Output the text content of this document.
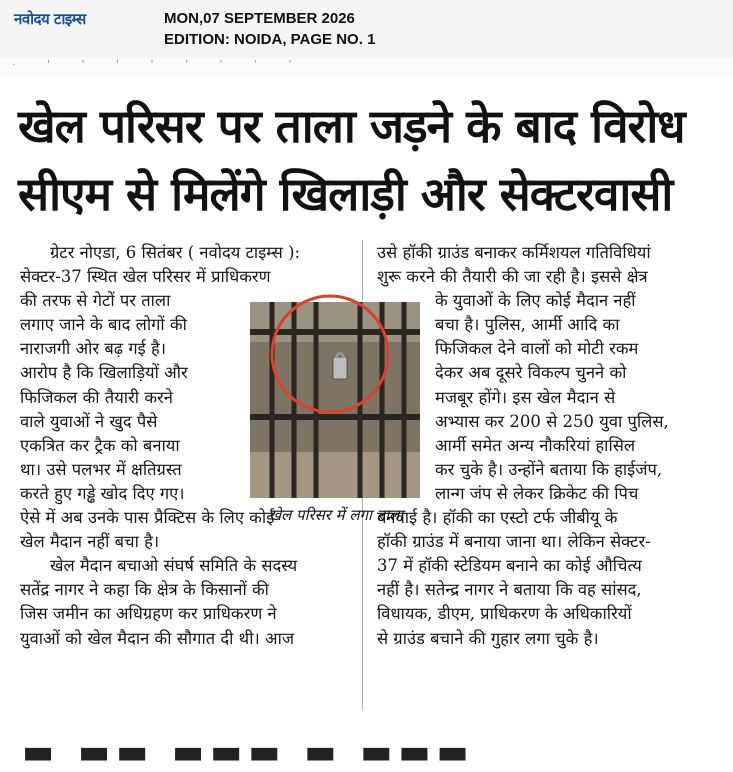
नवोदय टाइम्स	MON,07 SEPTEMBER 2026
EDITION: NOIDA, PAGE NO. 1
· ' ' ' ' ' ' ' '
खेल परिसर पर ताला जड़ने के बाद विरोध
सीएम से मिलेंगे खिलाड़ी और सेक्टरवासी

ग्रेटर नोएडा, 6 सितंबर ( नवोदय टाइम्स ):

सेक्टर-37 स्थित खेल परिसर में प्राधिकरण

की तरफ से गेटों पर ताला

लगाए जाने के बाद लोगों की

नाराजगी ओर बढ़ गई है।

आरोप है कि खिलाड़ियों और

फिजिकल की तैयारी करने

वाले युवाओं ने खुद पैसे

एकत्रित कर ट्रैक को बनाया

था। उसे पलभर में क्षतिग्रस्त

करते हुए गड्ढे खोद दिए गए।

ऐसे में अब उनके पास प्रैक्टिस के लिए कोई

खेल मैदान नहीं बचा है।

खेल मैदान बचाओ संघर्ष समिति के सदस्य

सतेंद्र नागर ने कहा कि क्षेत्र के किसानों की

जिस जमीन का अधिग्रहण कर प्राधिकरण ने

युवाओं को खेल मैदान की सौगात दी थी। आज

खेल परिसर में लगा ताला

उसे हॉकी ग्राउंड बनाकर कर्मिशयल गतिविधियां

शुरू करने की तैयारी की जा रही है। इससे क्षेत्र

के युवाओं के लिए कोई मैदान नहीं

बचा है। पुलिस, आर्मी आदि का

फिजिकल देने वालों को मोटी रकम

देकर अब दूसरे विकल्प चुनने को

मजबूर होंगे। इस खेल मैदान से

अभ्यास कर 200 से 250 युवा पुलिस,

आर्मी समेत अन्य नौकरियां हासिल

कर चुके है। उन्होंने बताया कि हाईजंप,

लान्ग जंप से लेकर क्रिकेट की पिच

बनवाई है। हॉकी का एस्टो टर्फ जीबीयू के

हॉकी ग्राउंड में बनाया जाना था। लेकिन सेक्टर-

37 में हॉकी स्टेडियम बनाने का कोई औचित्य

नहीं है। सतेन्द्र नागर ने बताया कि वह सांसद,

विधायक, डीएम, प्राधिकरण के अधिकारियों

से ग्राउंड बचाने की गुहार लगा चुके है।

▬ ▬▬ ▬▬▬ ▬ ▬▬▬
